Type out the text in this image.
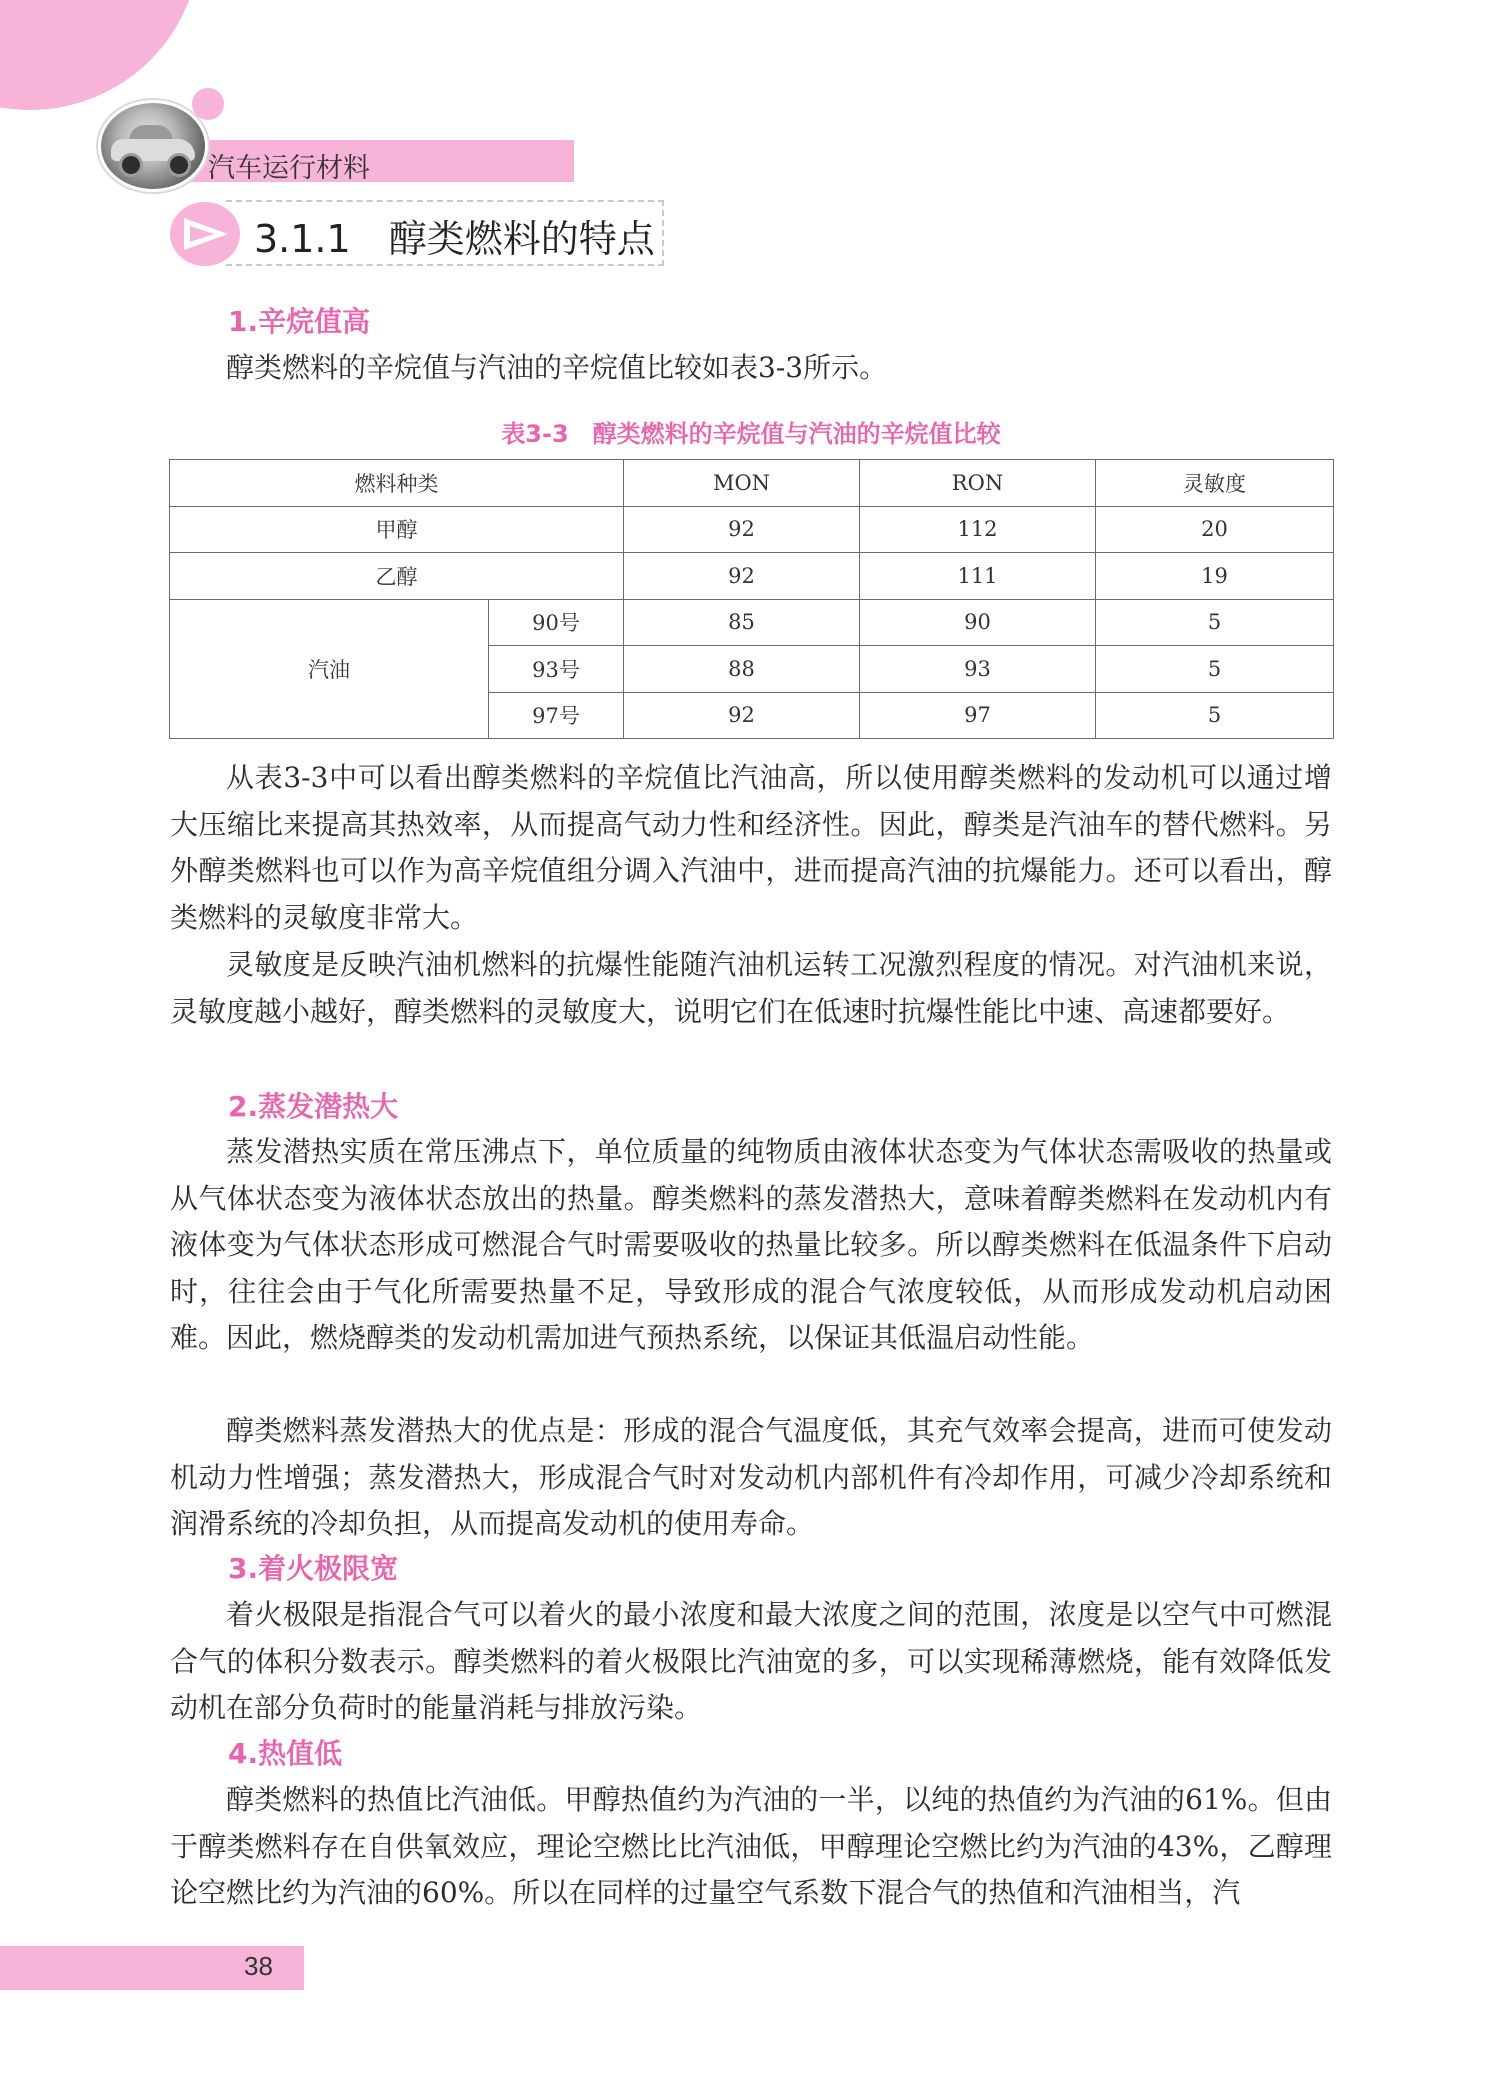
汽车运行材料
3.1.1　醇类燃料的特点
1.辛烷值高

醇类燃料的辛烷值与汽油的辛烷值比较如表3-3所示。

表3-3　醇类燃料的辛烷值与汽油的辛烷值比较
燃料种类		MON	RON	灵敏度
甲醇		92	112	20
乙醇		92	111	19
汽油	90号	85	90	5
	93号	88	93	5
	97号	92	97	5

从表3-3中可以看出醇类燃料的辛烷值比汽油高，所以使用醇类燃料的发动机可以通过增大压缩比来提高其热效率，从而提高气动力性和经济性。因此，醇类是汽油车的替代燃料。另外醇类燃料也可以作为高辛烷值组分调入汽油中，进而提高汽油的抗爆能力。还可以看出，醇类燃料的灵敏度非常大。

灵敏度是反映汽油机燃料的抗爆性能随汽油机运转工况激烈程度的情况。对汽油机来说，灵敏度越小越好，醇类燃料的灵敏度大，说明它们在低速时抗爆性能比中速、高速都要好。

2.蒸发潜热大

蒸发潜热实质在常压沸点下，单位质量的纯物质由液体状态变为气体状态需吸收的热量或从气体状态变为液体状态放出的热量。醇类燃料的蒸发潜热大，意味着醇类燃料在发动机内有液体变为气体状态形成可燃混合气时需要吸收的热量比较多。所以醇类燃料在低温条件下启动时，往往会由于气化所需要热量不足，导致形成的混合气浓度较低，从而形成发动机启动困难。因此，燃烧醇类的发动机需加进气预热系统，以保证其低温启动性能。

醇类燃料蒸发潜热大的优点是：形成的混合气温度低，其充气效率会提高，进而可使发动机动力性增强；蒸发潜热大，形成混合气时对发动机内部机件有冷却作用，可减少冷却系统和润滑系统的冷却负担，从而提高发动机的使用寿命。

3.着火极限宽

着火极限是指混合气可以着火的最小浓度和最大浓度之间的范围，浓度是以空气中可燃混合气的体积分数表示。醇类燃料的着火极限比汽油宽的多，可以实现稀薄燃烧，能有效降低发动机在部分负荷时的能量消耗与排放污染。

4.热值低

醇类燃料的热值比汽油低。甲醇热值约为汽油的一半，以纯的热值约为汽油的61%。但由于醇类燃料存在自供氧效应，理论空燃比比汽油低，甲醇理论空燃比约为汽油的43%，乙醇理论空燃比约为汽油的60%。所以在同样的过量空气系数下混合气的热值和汽油相当，汽

38
